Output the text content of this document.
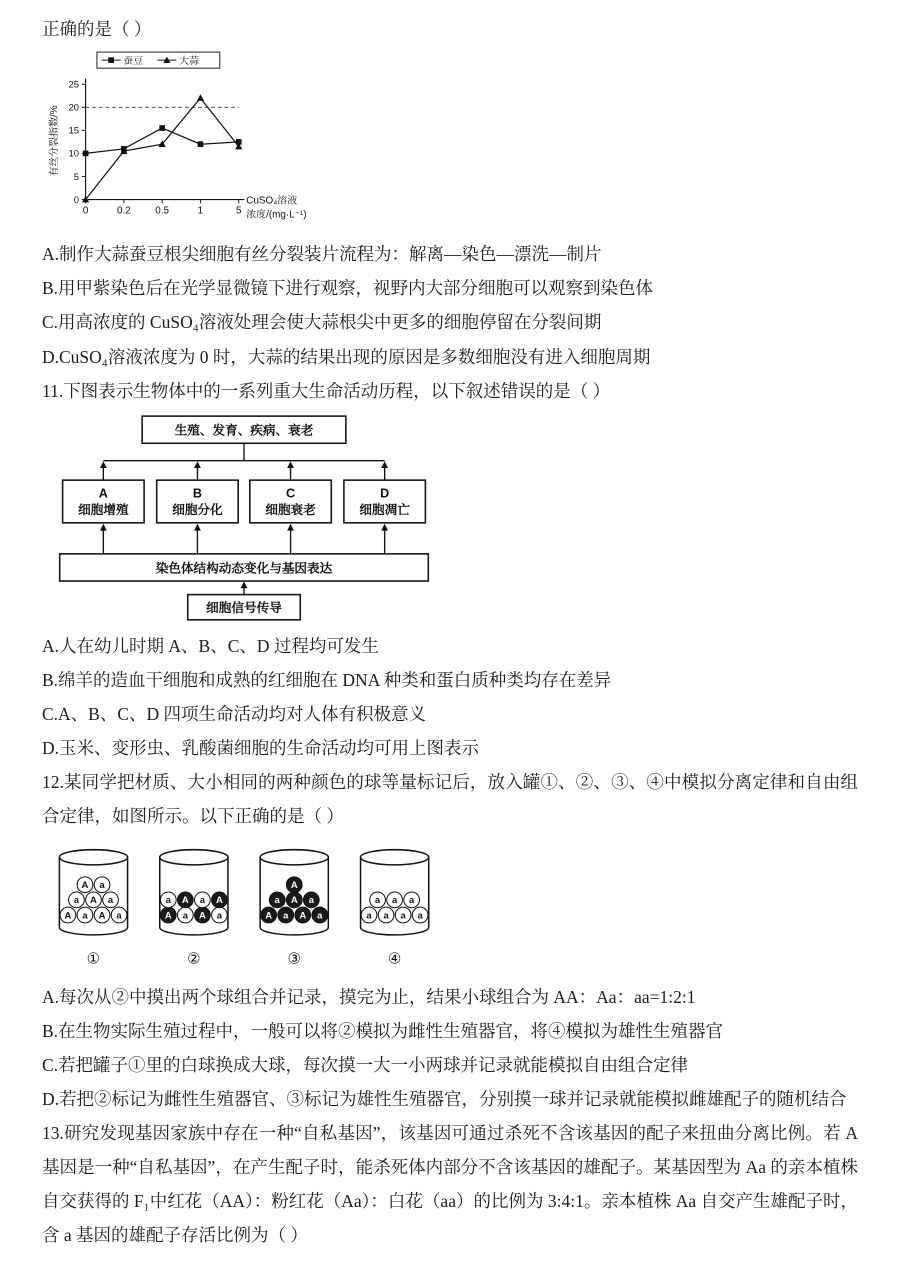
正确的是（ ）

0
5
10
15
20
25
0	0.2 0.5	1	5
蚕豆	大蒜
有丝分裂指数/%
CuSO₄溶液
浓度/(mg·L⁻¹)

A.制作大蒜蚕豆根尖细胞有丝分裂装片流程为：解离—染色—漂洗—制片

B.用甲紫染色后在光学显微镜下进行观察，视野内大部分细胞可以观察到染色体

C.用高浓度的 CuSO₄溶液处理会使大蒜根尖中更多的细胞停留在分裂间期

D.CuSO₄溶液浓度为 0 时，大蒜的结果出现的原因是多数细胞没有进入细胞周期

11.下图表示生物体中的一系列重大生命活动历程，以下叙述错误的是（ ）

生殖、发育、疾病、衰老
A
细胞增殖
B
细胞分化
C
细胞衰老
D
细胞凋亡
染色体结构动态变化与基因表达
细胞信号传导

A.人在幼儿时期 A、B、C、D 过程均可发生

B.绵羊的造血干细胞和成熟的红细胞在 DNA 种类和蛋白质种类均存在差异

C.A、B、C、D 四项生命活动均对人体有积极意义

D.玉米、变形虫、乳酸菌细胞的生命活动均可用上图表示

12.某同学把材质、大小相同的两种颜色的球等量标记后，放入罐①、②、③、④中模拟分离定律和自由组合定律，如图所示。以下正确的是（ ）

A a A a
a A a
A a
①
A a A a
a A a A
②
A a A a
a A a
A
③
a a a a
a a a
④

A.每次从②中摸出两个球组合并记录，摸完为止，结果小球组合为 AA：Aa：aa=1:2:1

B.在生物实际生殖过程中，一般可以将②模拟为雌性生殖器官，将④模拟为雄性生殖器官

C.若把罐子①里的白球换成大球，每次摸一大一小两球并记录就能模拟自由组合定律

D.若把②标记为雌性生殖器官、③标记为雄性生殖器官，分别摸一球并记录就能模拟雌雄配子的随机结合

13.研究发现基因家族中存在一种“自私基因”，该基因可通过杀死不含该基因的配子来扭曲分离比例。若 A 基因是一种“自私基因”，在产生配子时，能杀死体内部分不含该基因的雄配子。某基因型为 Aa 的亲本植株自交获得的 F₁中红花（AA）：粉红花（Aa）：白花（aa）的比例为 3:4:1。亲本植株 Aa 自交产生雄配子时，含 a 基因的雄配子存活比例为（ ）
